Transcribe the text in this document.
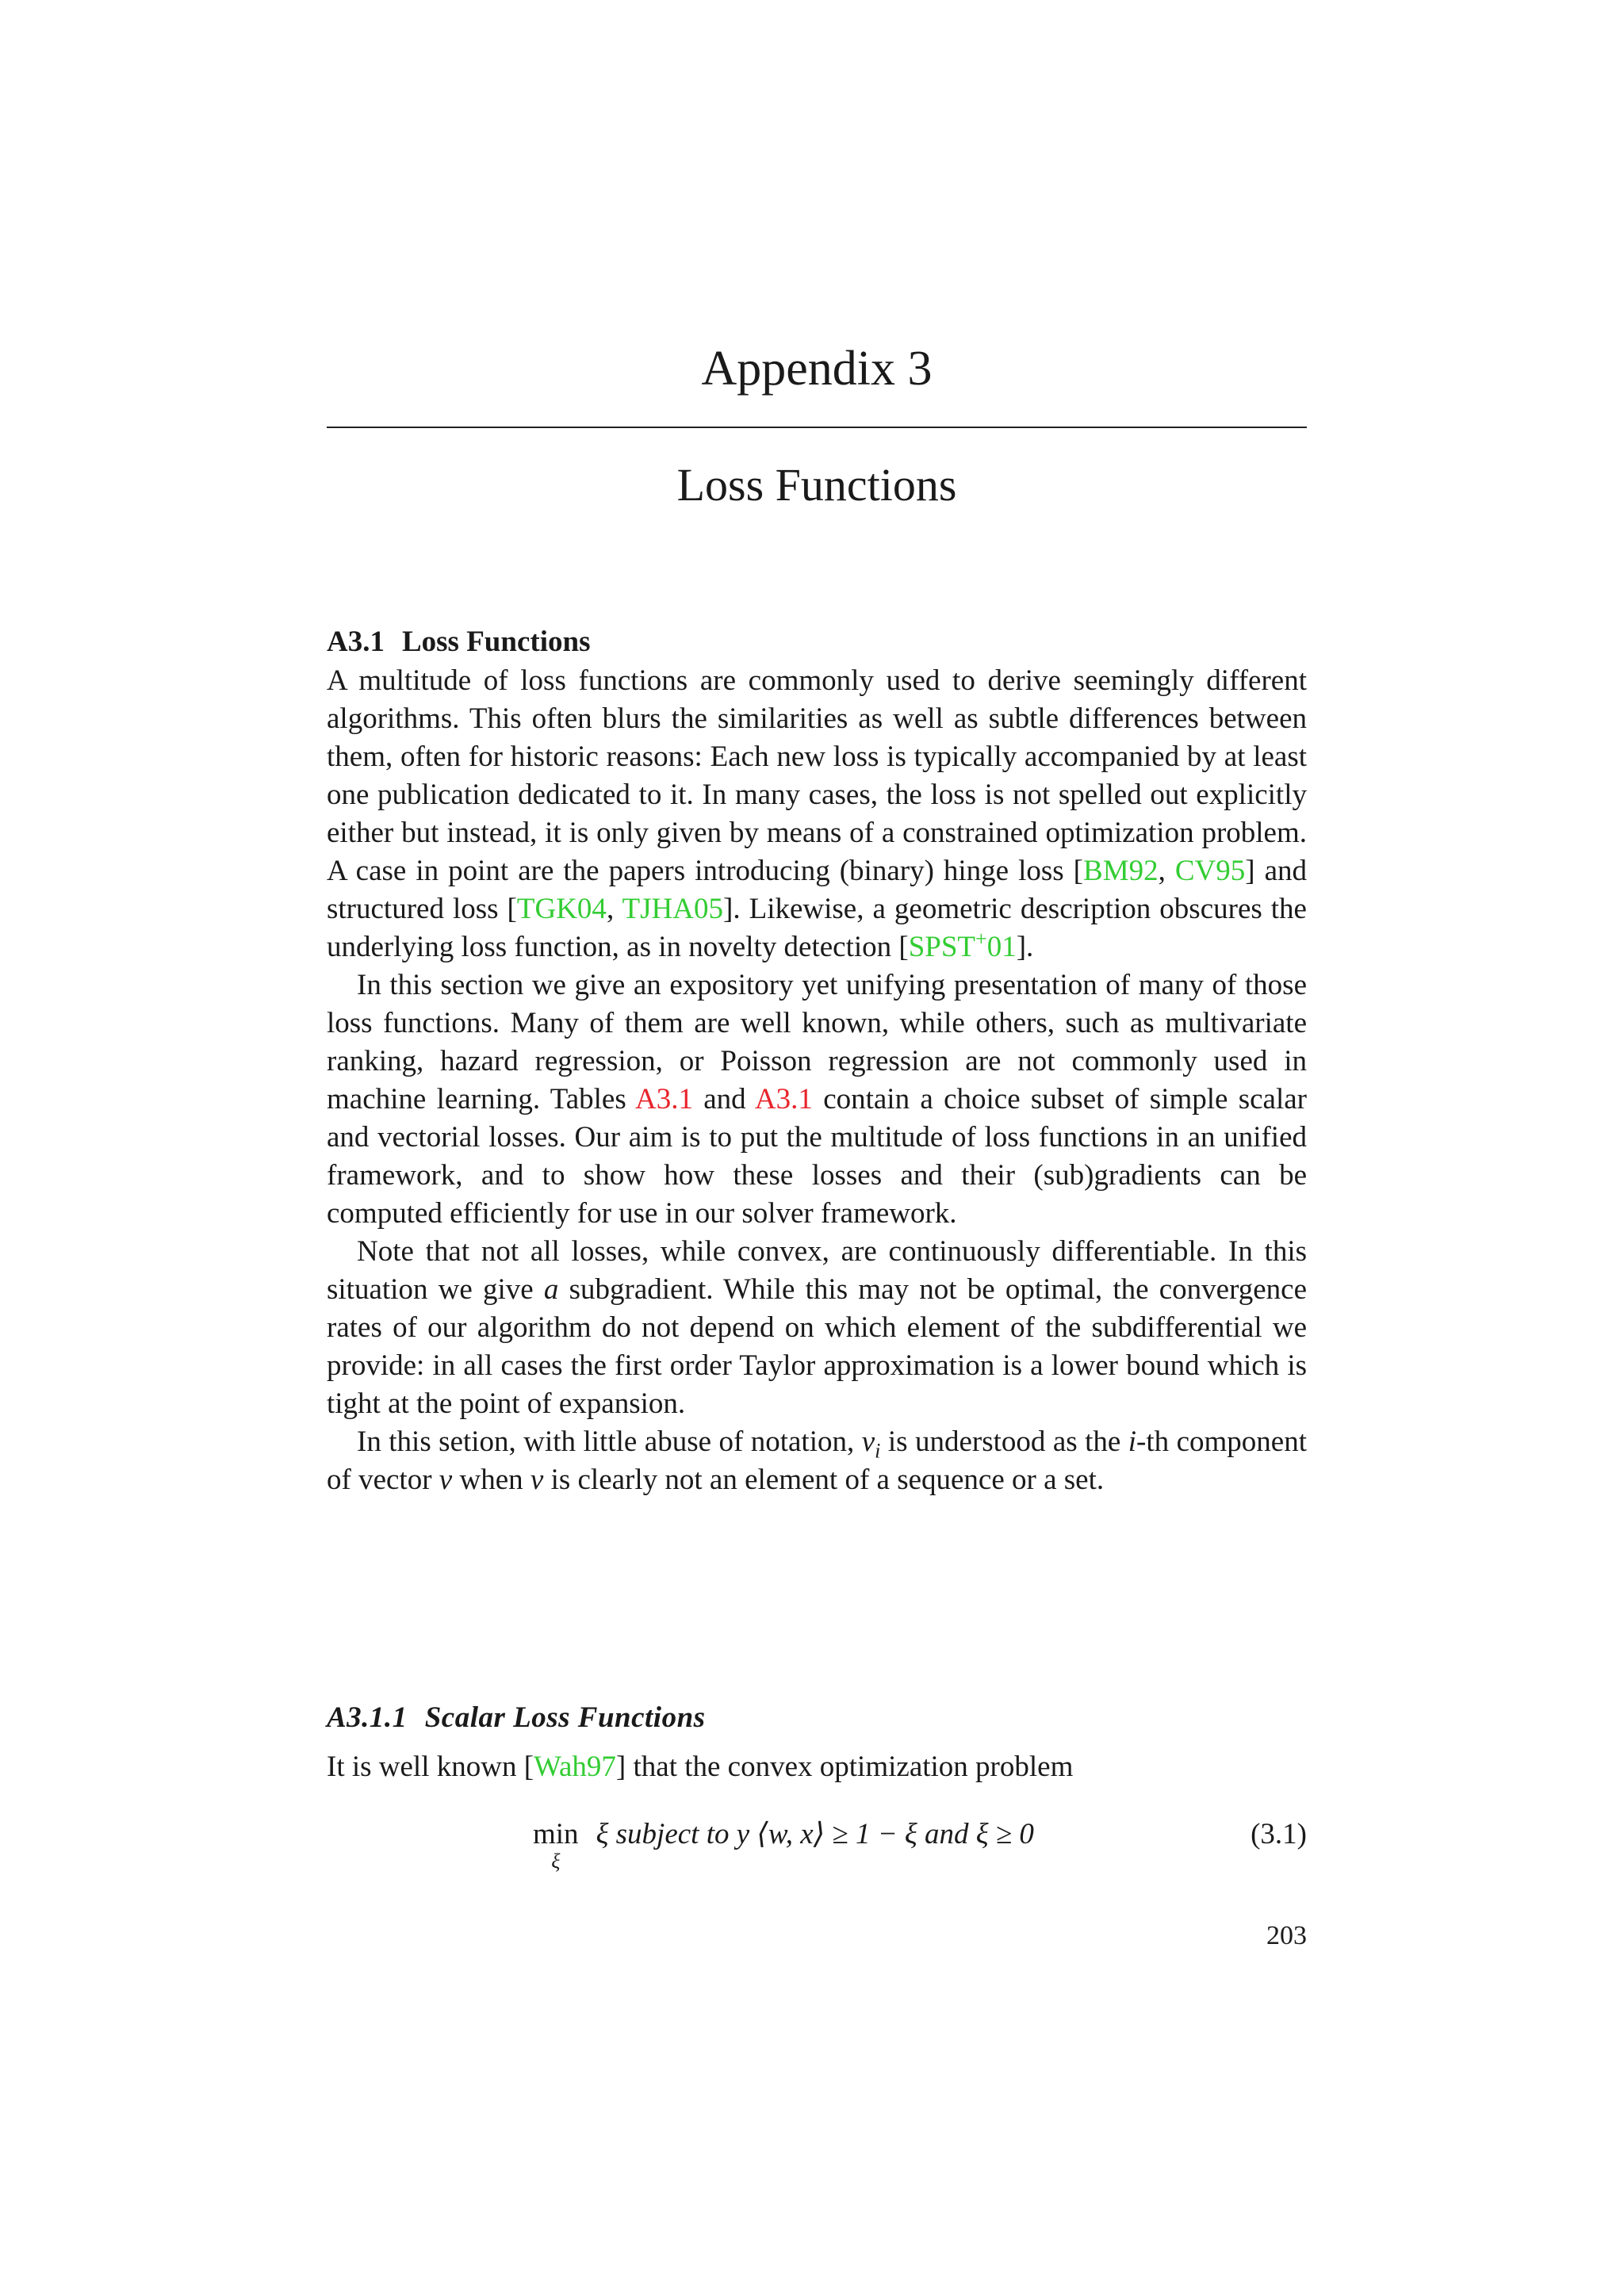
Appendix 3
Loss Functions
A3.1 Loss Functions

A multitude of loss functions are commonly used to derive seemingly different algorithms. This often blurs the similarities as well as subtle differences between them, often for historic reasons: Each new loss is typically accompanied by at least one publication dedicated to it. In many cases, the loss is not spelled out explicitly either but instead, it is only given by means of a constrained optimization problem. A case in point are the papers introducing (binary) hinge loss [BM92, CV95] and structured loss [TGK04, TJHA05]. Likewise, a geometric description obscures the underlying loss function, as in novelty detection [SPST+01].

In this section we give an expository yet unifying presentation of many of those loss functions. Many of them are well known, while others, such as multivariate ranking, hazard regression, or Poisson regression are not commonly used in machine learning. Tables A3.1 and A3.1 contain a choice subset of simple scalar and vectorial losses. Our aim is to put the multitude of loss functions in an unified framework, and to show how these losses and their (sub)gradients can be computed efficiently for use in our solver framework.

Note that not all losses, while convex, are continuously differentiable. In this situation we give a subgradient. While this may not be optimal, the convergence rates of our algorithm do not depend on which element of the subdifferential we provide: in all cases the first order Taylor approximation is a lower bound which is tight at the point of expansion.

In this setion, with little abuse of notation, $v_i$ is understood as the i-th component of vector v when v is clearly not an element of a sequence or a set.

A3.1.1 Scalar Loss Functions

It is well known [Wah97] that the convex optimization problem

min
ξ
ξ subject to y ⟨w, x⟩ ≥ 1 − ξ and ξ ≥ 0	(3.1)
203
